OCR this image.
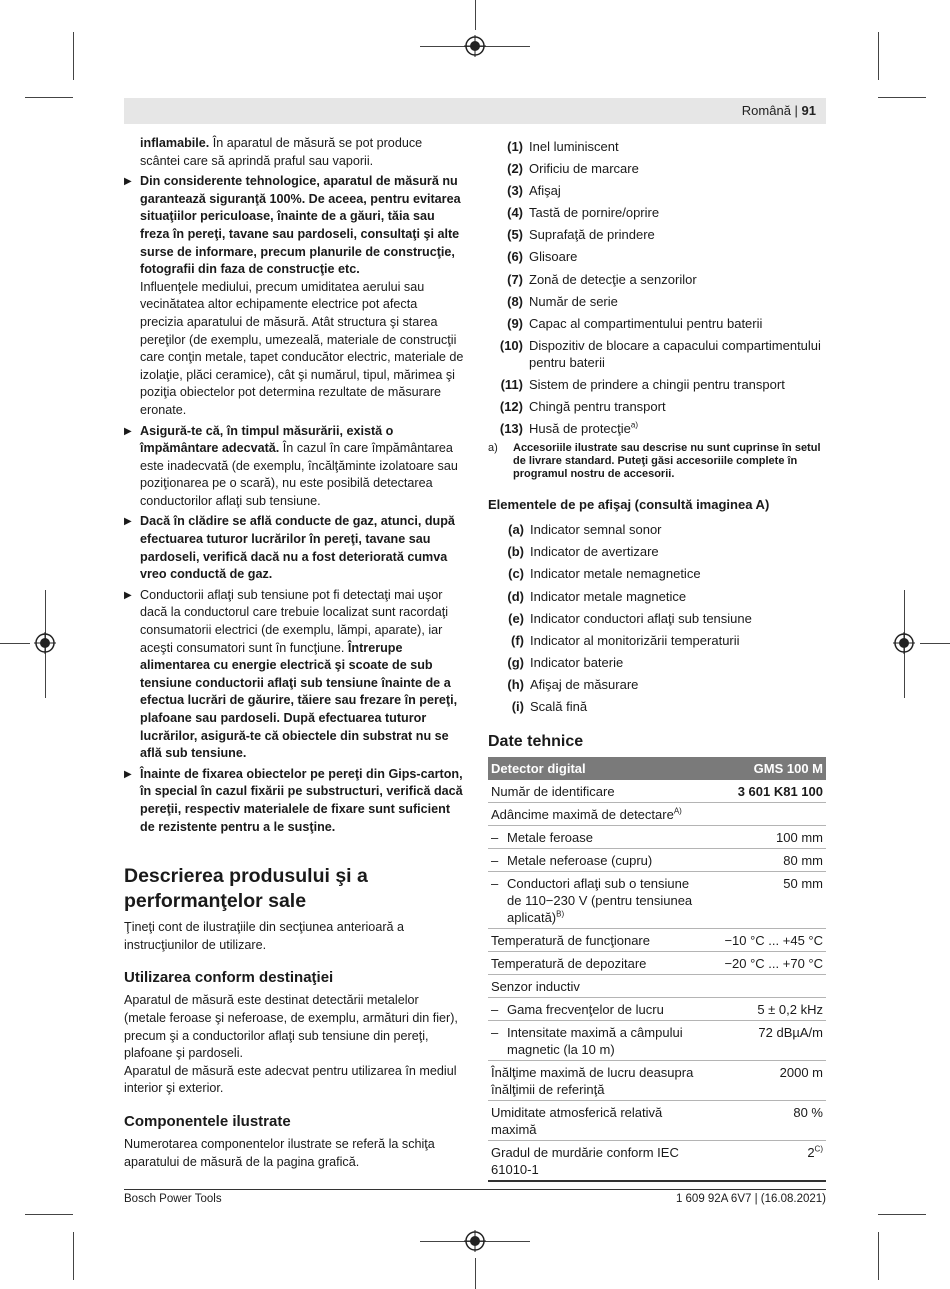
Română | 91

inflamabile. În aparatul de măsură se pot produce scântei care să aprindă praful sau vaporii.

▶ Din considerente tehnologice, aparatul de măsură nu garantează siguranţă 100%. De aceea, pentru evitarea situaţiilor periculoase, înainte de a găuri, tăia sau freza în pereţi, tavane sau pardoseli, consultaţi şi alte surse de informare, precum planurile de construcţie, fotografii din faza de construcţie etc.
Influenţele mediului, precum umiditatea aerului sau vecinătatea altor echipamente electrice pot afecta precizia aparatului de măsură. Atât structura şi starea pereţilor (de exemplu, umezeală, materiale de construcţii care conţin metale, tapet conducător electric, materiale de izolaţie, plăci ceramice), cât şi numărul, tipul, mărimea şi poziţia obiectelor pot determina rezultate de măsurare eronate.
▶ Asigură-te că, în timpul măsurării, există o împământare adecvată. În cazul în care împământarea este inadecvată (de exemplu, încălţăminte izolatoare sau poziţionarea pe o scară), nu este posibilă detectarea conductorilor aflaţi sub tensiune.
▶ Dacă în clădire se află conducte de gaz, atunci, după efectuarea tuturor lucrărilor în pereţi, tavane sau pardoseli, verifică dacă nu a fost deteriorată cumva vreo conductă de gaz.
▶ Conductorii aflaţi sub tensiune pot fi detectaţi mai uşor dacă la conductorul care trebuie localizat sunt racordaţi consumatorii electrici (de exemplu, lămpi, aparate), iar aceşti consumatori sunt în funcţiune. Întrerupe alimentarea cu energie electrică şi scoate de sub tensiune conductorii aflaţi sub tensiune înainte de a efectua lucrări de găurire, tăiere sau frezare în pereţi, plafoane sau pardoseli. După efectuarea tuturor lucrărilor, asigură-te că obiectele din substrat nu se află sub tensiune.
▶ Înainte de fixarea obiectelor pe pereţi din Gips-carton, în special în cazul fixării pe substructuri, verifică dacă pereţii, respectiv materialele de fixare sunt suficient de rezistente pentru a le susţine.
Descrierea produsului şi a performanţelor sale

Ţineţi cont de ilustraţiile din secţiunea anterioară a instrucţiunilor de utilizare.

Utilizarea conform destinaţiei

Aparatul de măsură este destinat detectării metalelor (metale feroase şi neferoase, de exemplu, armături din fier), precum şi a conductorilor aflaţi sub tensiune din pereţi, plafoane şi pardoseli.

Aparatul de măsură este adecvat pentru utilizarea în mediul interior şi exterior.

Componentele ilustrate

Numerotarea componentelor ilustrate se referă la schiţa aparatului de măsură de la pagina grafică.

(1) Inel luminiscent
(2) Orificiu de marcare
(3) Afişaj
(4) Tastă de pornire/oprire
(5) Suprafaţă de prindere
(6) Glisoare
(7) Zonă de detecţie a senzorilor
(8) Număr de serie
(9) Capac al compartimentului pentru baterii
(10) Dispozitiv de blocare a capacului compartimentului pentru baterii
(11) Sistem de prindere a chingii pentru transport
(12) Chingă pentru transport
(13) Husă de protecţie$^{a)}$
a)	Accesoriile ilustrate sau descrise nu sunt cuprinse în setul de livrare standard. Puteţi găsi accesoriile complete în programul nostru de accesorii.
Elementele de pe afişaj (consultă imaginea A)
(a) Indicator semnal sonor
(b) Indicator de avertizare
(c) Indicator metale nemagnetice
(d) Indicator metale magnetice
(e) Indicator conductori aflaţi sub tensiune
(f) Indicator al monitorizării temperaturii
(g) Indicator baterie
(h) Afişaj de măsurare
(i) Scală fină
Date tehnice
Detector digital	GMS 100 M
Număr de identificare	3 601 K81 100
Adâncime maximă de detectare$^{A)}$

– Metale feroase	100 mm

– Metale neferoase (cupru)	80 mm

– Conductori aflaţi sub o tensiune de 110−230 V (pentru tensiunea aplicată)$^{B)}$	50 mm
Temperatură de funcţionare	−10 °C ... +45 °C
Temperatură de depozitare	−20 °C ... +70 °C
Senzor inductiv	

– Gama frecvenţelor de lucru	5 ± 0,2 kHz

– Intensitate maximă a câmpului magnetic (la 10 m)	72 dBµA/m
Înălţime maximă de lucru deasupra înălţimii de referinţă	2000 m
Umiditate atmosferică relativă maximă	80 %
Gradul de murdărie conform IEC 61010-1	$2^{C)}$
Bosch Power Tools	1 609 92A 6V7 | (16.08.2021)
